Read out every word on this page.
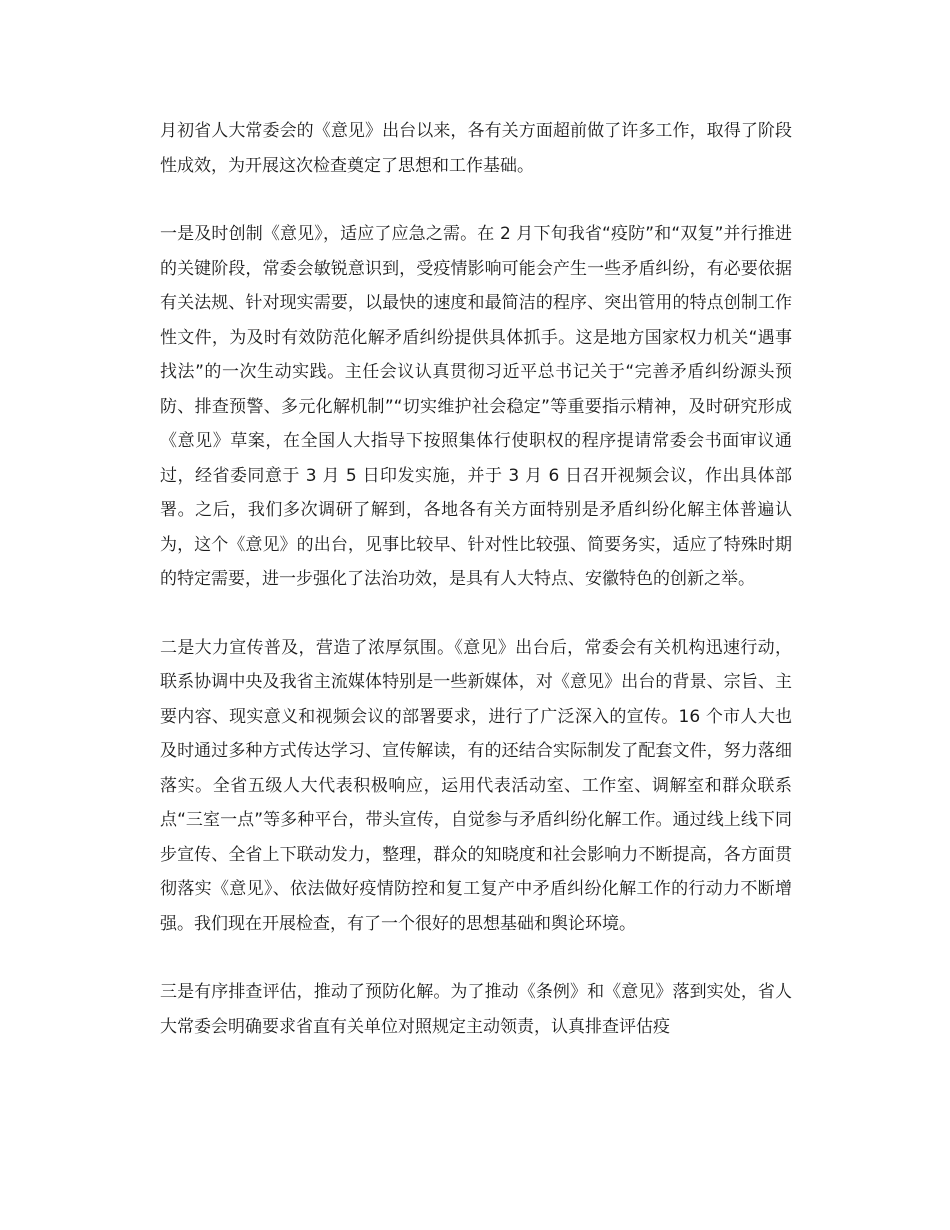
月初省人大常委会的《意见》出台以来，各有关方面超前做了许多工作，取得了阶段性成效，为开展这次检查奠定了思想和工作基础。

一是及时创制《意见》，适应了应急之需。在 2 月下旬我省“疫防”和“双复”并行推进的关键阶段，常委会敏锐意识到，受疫情影响可能会产生一些矛盾纠纷，有必要依据有关法规、针对现实需要，以最快的速度和最简洁的程序、突出管用的特点创制工作性文件，为及时有效防范化解矛盾纠纷提供具体抓手。这是地方国家权力机关“遇事找法”的一次生动实践。主任会议认真贯彻习近平总书记关于“完善矛盾纠纷源头预防、排查预警、多元化解机制”“切实维护社会稳定”等重要指示精神，及时研究形成《意见》草案，在全国人大指导下按照集体行使职权的程序提请常委会书面审议通过，经省委同意于 3 月 5 日印发实施，并于 3 月 6 日召开视频会议，作出具体部署。之后，我们多次调研了解到，各地各有关方面特别是矛盾纠纷化解主体普遍认为，这个《意见》的出台，见事比较早、针对性比较强、简要务实，适应了特殊时期的特定需要，进一步强化了法治功效，是具有人大特点、安徽特色的创新之举。

二是大力宣传普及，营造了浓厚氛围。《意见》出台后，常委会有关机构迅速行动，联系协调中央及我省主流媒体特别是一些新媒体，对《意见》出台的背景、宗旨、主要内容、现实意义和视频会议的部署要求，进行了广泛深入的宣传。16 个市人大也及时通过多种方式传达学习、宣传解读，有的还结合实际制发了配套文件，努力落细落实。全省五级人大代表积极响应，运用代表活动室、工作室、调解室和群众联系点“三室一点”等多种平台，带头宣传，自觉参与矛盾纠纷化解工作。通过线上线下同步宣传、全省上下联动发力，整理，群众的知晓度和社会影响力不断提高，各方面贯彻落实《意见》、依法做好疫情防控和复工复产中矛盾纠纷化解工作的行动力不断增强。我们现在开展检查，有了一个很好的思想基础和舆论环境。

三是有序排查评估，推动了预防化解。为了推动《条例》和《意见》落到实处，省人大常委会明确要求省直有关单位对照规定主动领责，认真排查评估疫
